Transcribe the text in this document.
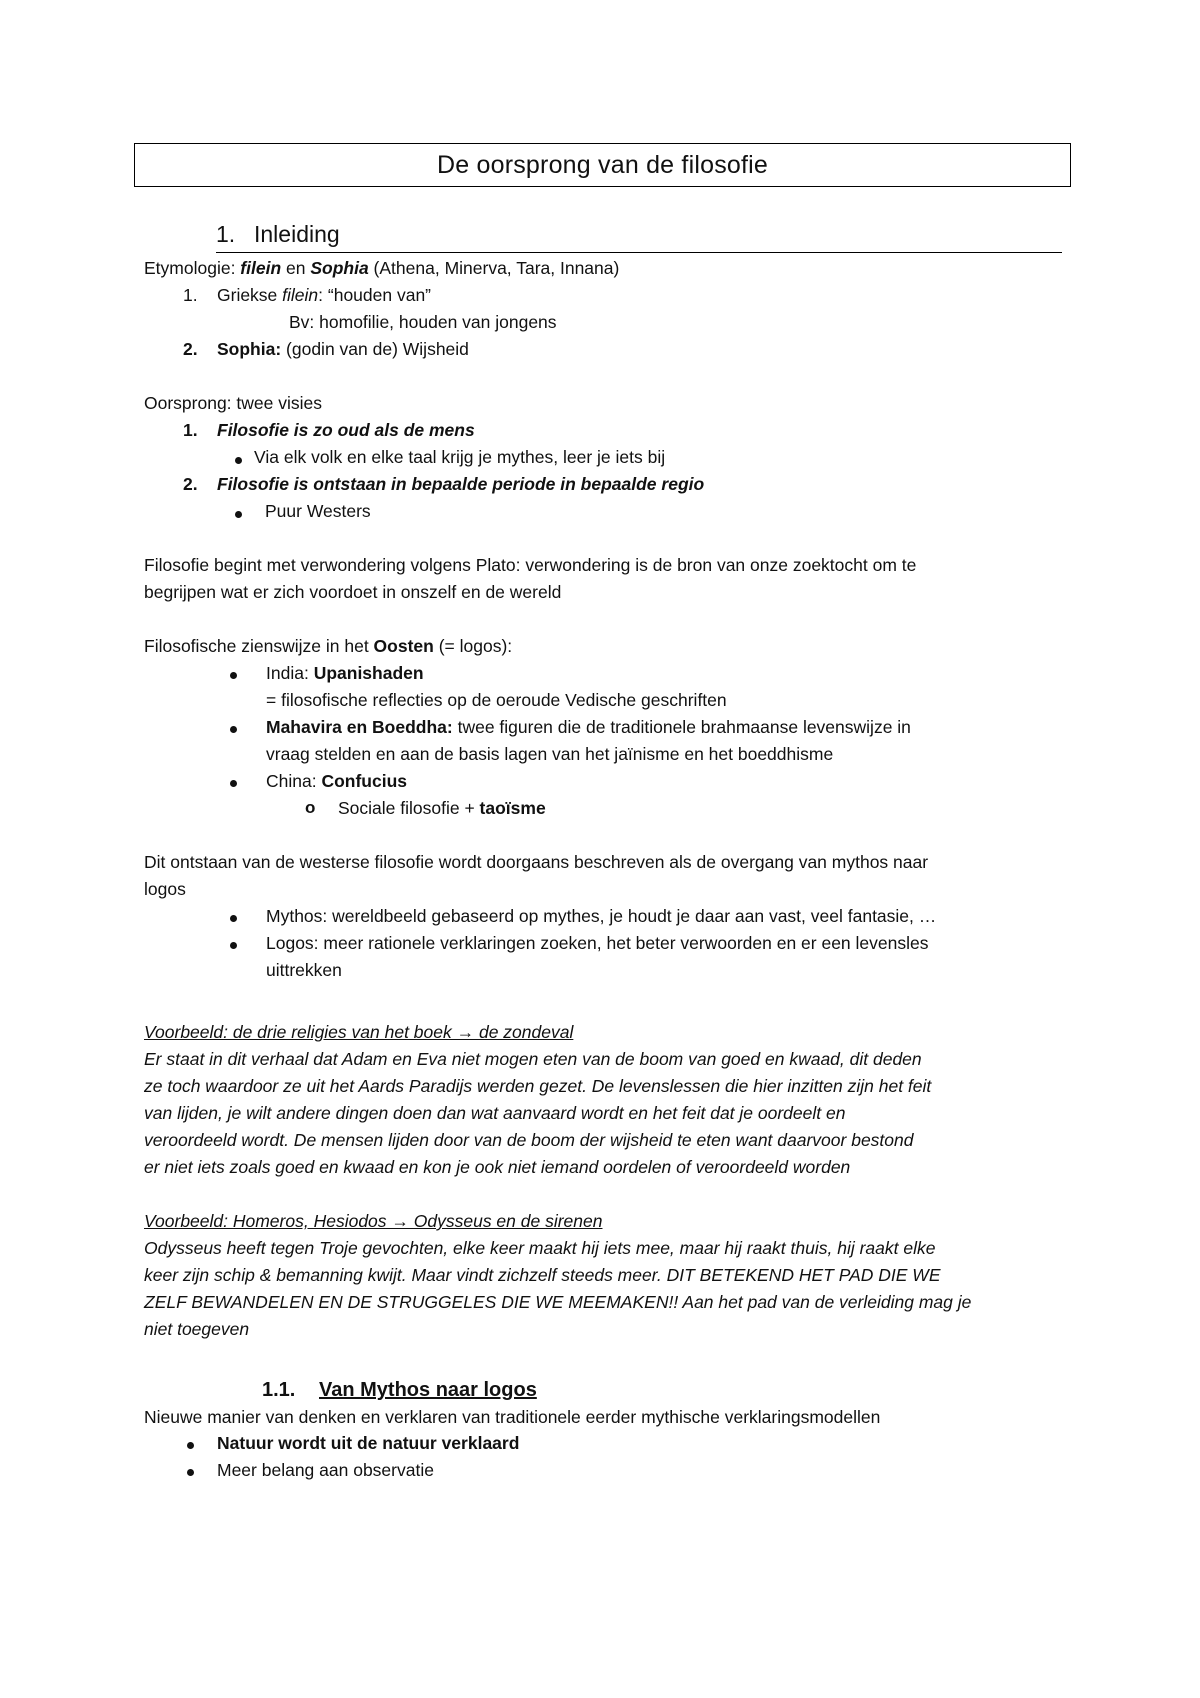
De oorsprong van de filosofie
1. Inleiding
Etymologie: filein en Sophia (Athena, Minerva, Tara, Innana)
1. Griekse filein: “houden van”
Bv: homofilie, houden van jongens
2. Sophia: (godin van de) Wijsheid
Oorsprong: twee visies
1. Filosofie is zo oud als de mens
Via elk volk en elke taal krijg je mythes, leer je iets bij
2. Filosofie is ontstaan in bepaalde periode in bepaalde regio
Puur Westers
Filosofie begint met verwondering volgens Plato: verwondering is de bron van onze zoektocht om te
begrijpen wat er zich voordoet in onszelf en de wereld
Filosofische zienswijze in het Oosten (= logos):
India: Upanishaden
= filosofische reflecties op de oeroude Vedische geschriften
Mahavira en Boeddha: twee figuren die de traditionele brahmaanse levenswijze in
vraag stelden en aan de basis lagen van het jaïnisme en het boeddhisme
China: Confucius
o Sociale filosofie + taoïsme
Dit ontstaan van de westerse filosofie wordt doorgaans beschreven als de overgang van mythos naar
logos
Mythos: wereldbeeld gebaseerd op mythes, je houdt je daar aan vast, veel fantasie, …
Logos: meer rationele verklaringen zoeken, het beter verwoorden en er een levensles
uittrekken
Voorbeeld: de drie religies van het boek → de zondeval
Er staat in dit verhaal dat Adam en Eva niet mogen eten van de boom van goed en kwaad, dit deden
ze toch waardoor ze uit het Aards Paradijs werden gezet. De levenslessen die hier inzitten zijn het feit
van lijden, je wilt andere dingen doen dan wat aanvaard wordt en het feit dat je oordeelt en
veroordeeld wordt. De mensen lijden door van de boom der wijsheid te eten want daarvoor bestond
er niet iets zoals goed en kwaad en kon je ook niet iemand oordelen of veroordeeld worden
Voorbeeld: Homeros, Hesiodos → Odysseus en de sirenen
Odysseus heeft tegen Troje gevochten, elke keer maakt hij iets mee, maar hij raakt thuis, hij raakt elke
keer zijn schip & bemanning kwijt. Maar vindt zichzelf steeds meer. DIT BETEKEND HET PAD DIE WE
ZELF BEWANDELEN EN DE STRUGGELES DIE WE MEEMAKEN!! Aan het pad van de verleiding mag je
niet toegeven
1.1. Van Mythos naar logos
Nieuwe manier van denken en verklaren van traditionele eerder mythische verklaringsmodellen
Natuur wordt uit de natuur verklaard
Meer belang aan observatie
